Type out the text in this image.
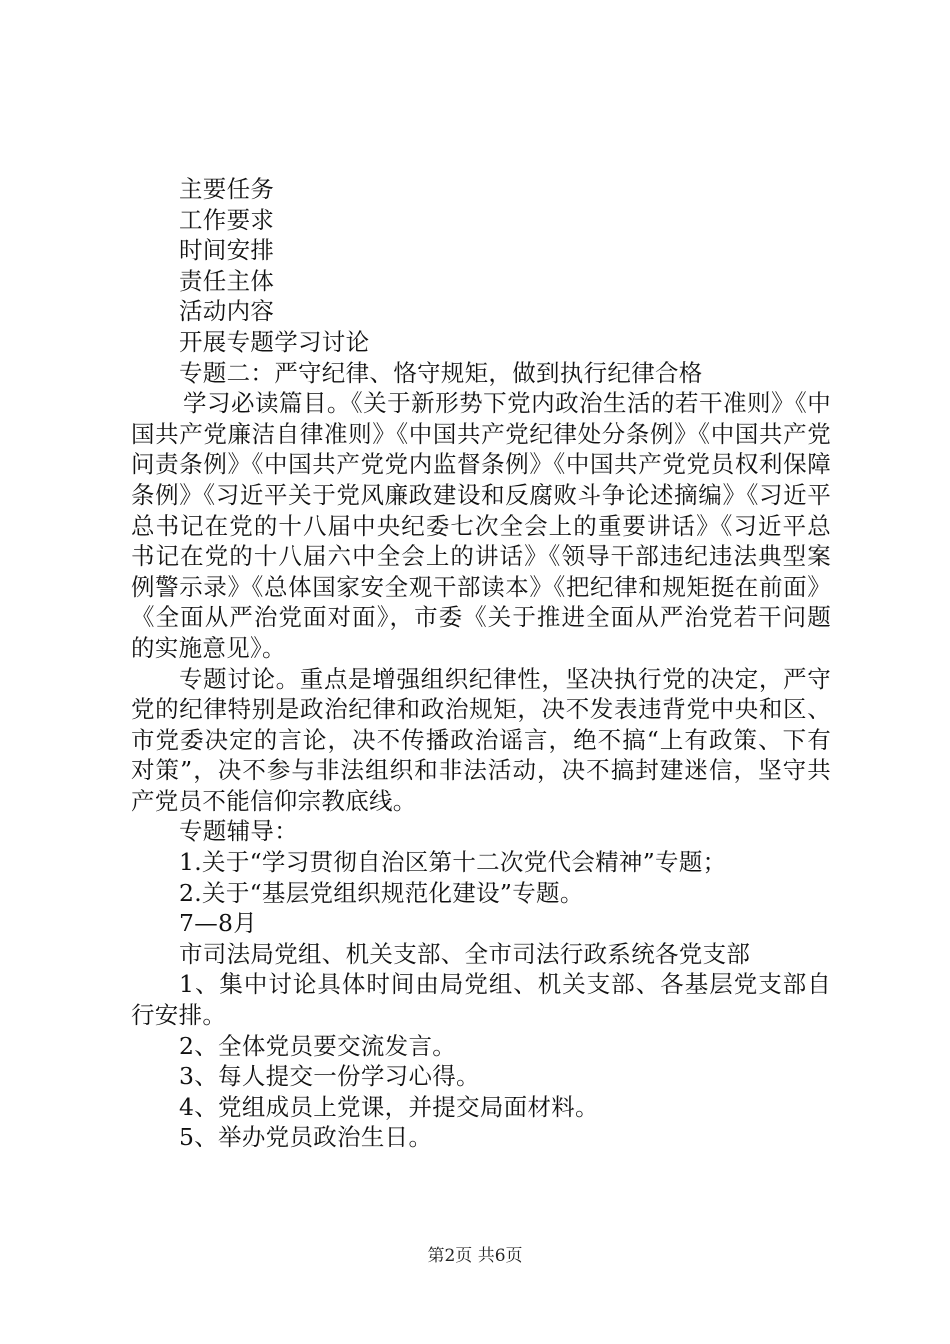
主要任务

工作要求

时间安排

责任主体

活动内容

开展专题学习讨论

专题二：严守纪律、恪守规矩，做到执行纪律合格

学习必读篇目。《关于新形势下党内政治生活的若干准则》《中国共产党廉洁自律准则》《中国共产党纪律处分条例》《中国共产党问责条例》《中国共产党党内监督条例》《中国共产党党员权利保障条例》《习近平关于党风廉政建设和反腐败斗争论述摘编》《习近平总书记在党的十八届中央纪委七次全会上的重要讲话》《习近平总书记在党的十八届六中全会上的讲话》《领导干部违纪违法典型案例警示录》《总体国家安全观干部读本》《把纪律和规矩挺在前面》《全面从严治党面对面》，市委《关于推进全面从严治党若干问题的实施意见》。

专题讨论。重点是增强组织纪律性，坚决执行党的决定，严守党的纪律特别是政治纪律和政治规矩，决不发表违背党中央和区、市党委决定的言论，决不传播政治谣言，绝不搞“上有政策、下有对策”，决不参与非法组织和非法活动，决不搞封建迷信，坚守共产党员不能信仰宗教底线。

专题辅导：

1.关于“学习贯彻自治区第十二次党代会精神”专题；

2.关于“基层党组织规范化建设”专题。

7—8月

市司法局党组、机关支部、全市司法行政系统各党支部

1、集中讨论具体时间由局党组、机关支部、各基层党支部自行安排。

2、全体党员要交流发言。

3、每人提交一份学习心得。

4、党组成员上党课，并提交局面材料。

5、举办党员政治生日。

第2页 共6页
